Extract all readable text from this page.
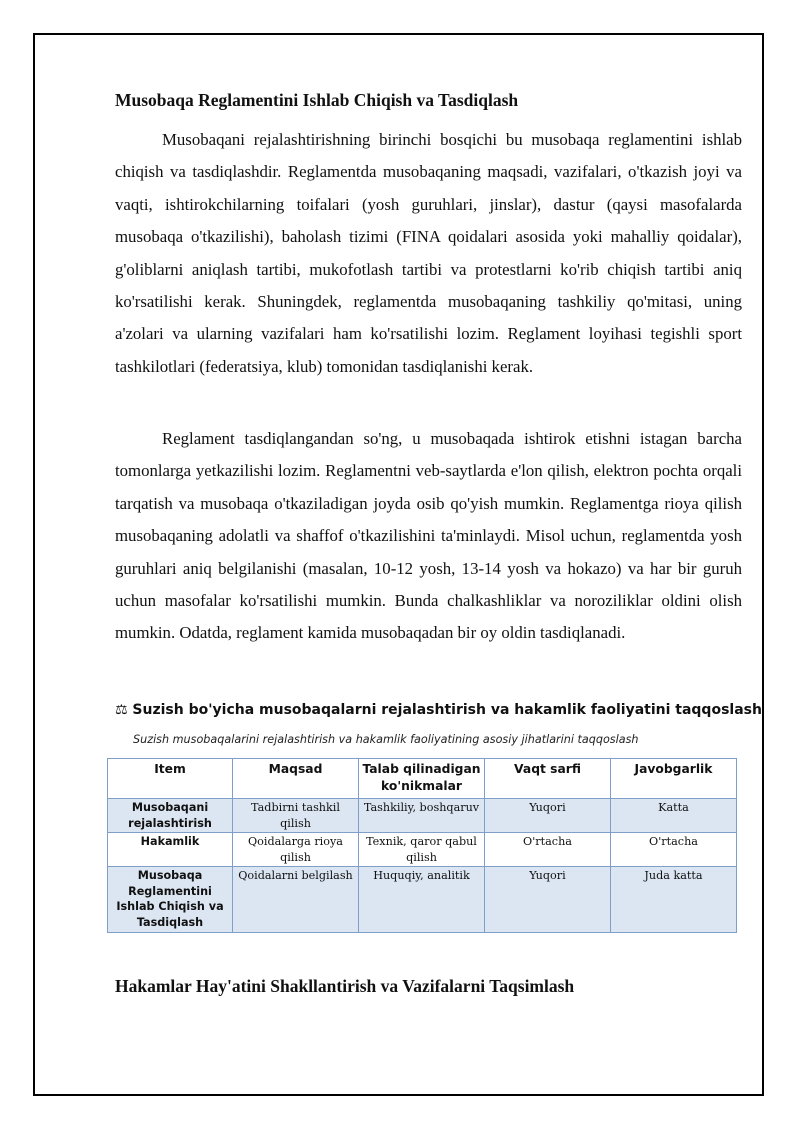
Musobaqa Reglamentini Ishlab Chiqish va Tasdiqlash

Musobaqani rejalashtirishning birinchi bosqichi bu musobaqa reglamentini ishlab chiqish va tasdiqlashdir. Reglamentda musobaqaning maqsadi, vazifalari, o'tkazish joyi va vaqti, ishtirokchilarning toifalari (yosh guruhlari, jinslar), dastur (qaysi masofalarda musobaqa o'tkazilishi), baholash tizimi (FINA qoidalari asosida yoki mahalliy qoidalar), g'oliblarni aniqlash tartibi, mukofotlash tartibi va protestlarni ko'rib chiqish tartibi aniq ko'rsatilishi kerak. Shuningdek, reglamentda musobaqaning tashkiliy qo'mitasi, uning a'zolari va ularning vazifalari ham ko'rsatilishi lozim. Reglament loyihasi tegishli sport tashkilotlari (federatsiya, klub) tomonidan tasdiqlanishi kerak.

Reglament tasdiqlangandan so'ng, u musobaqada ishtirok etishni istagan barcha tomonlarga yetkazilishi lozim. Reglamentni veb-saytlarda e'lon qilish, elektron pochta orqali tarqatish va musobaqa o'tkaziladigan joyda osib qo'yish mumkin. Reglamentga rioya qilish musobaqaning adolatli va shaffof o'tkazilishini ta'minlaydi. Misol uchun, reglamentda yosh guruhlari aniq belgilanishi (masalan, 10-12 yosh, 13-14 yosh va hokazo) va har bir guruh uchun masofalar ko'rsatilishi mumkin. Bunda chalkashliklar va noroziliklar oldini olish mumkin. Odatda, reglament kamida musobaqadan bir oy oldin tasdiqlanadi.

Hakamlar Hay'atini Shakllantirish va Vazifalarni Taqsimlash

⚖ Suzish bo'yicha musobaqalarni rejalashtirish va hakamlik faoliyatini taqqoslash

Suzish musobaqalarini rejalashtirish va hakamlik faoliyatining asosiy jihatlarini taqqoslash

Item	Maqsad	Talab qilinadigan ko'nikmalar	Vaqt sarfi	Javobgarlik
Musobaqani rejalashtirish	Tadbirni tashkil qilish	Tashkiliy, boshqaruv	Yuqori	Katta
Hakamlik	Qoidalarga rioya qilish	Texnik, qaror qabul qilish	O'rtacha	O'rtacha
Musobaqa Reglamentini Ishlab Chiqish va Tasdiqlash	Qoidalarni belgilash	Huquqiy, analitik	Yuqori	Juda katta
